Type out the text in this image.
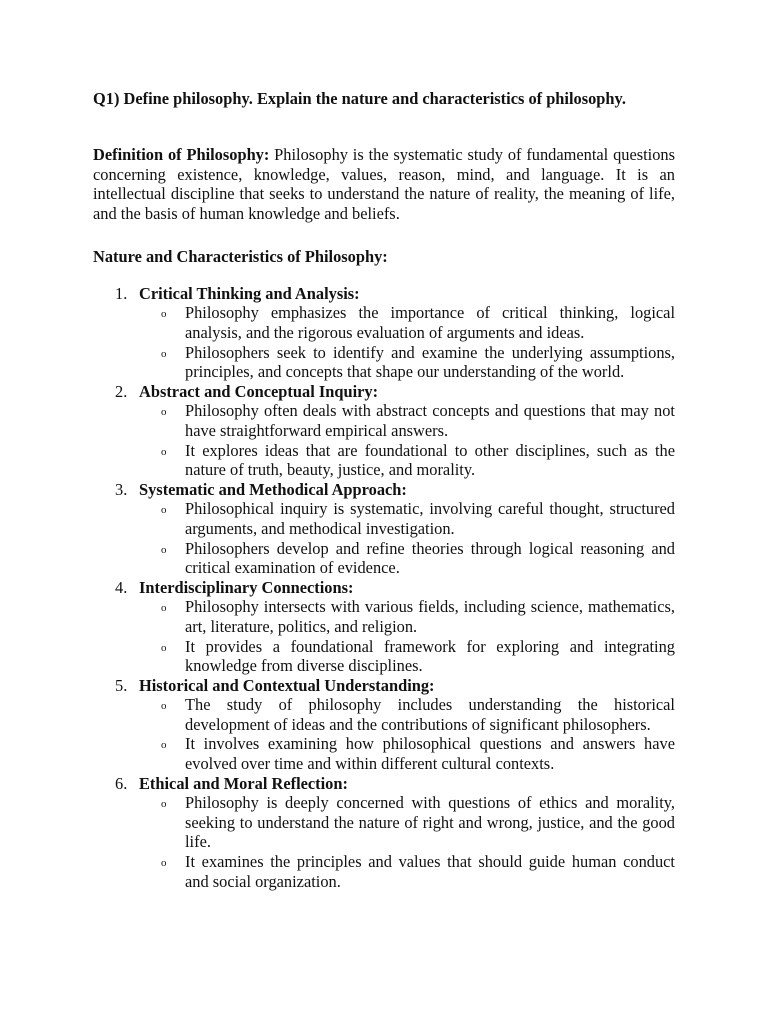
Q1) Define philosophy. Explain the nature and characteristics of philosophy.

Definition of Philosophy: Philosophy is the systematic study of fundamental questions concerning existence, knowledge, values, reason, mind, and language. It is an intellectual discipline that seeks to understand the nature of reality, the meaning of life, and the basis of human knowledge and beliefs.

Nature and Characteristics of Philosophy:

1. Critical Thinking and Analysis:
o Philosophy emphasizes the importance of critical thinking, logical analysis, and the rigorous evaluation of arguments and ideas.
o Philosophers seek to identify and examine the underlying assumptions, principles, and concepts that shape our understanding of the world.
2. Abstract and Conceptual Inquiry:
o Philosophy often deals with abstract concepts and questions that may not have straightforward empirical answers.
o It explores ideas that are foundational to other disciplines, such as the nature of truth, beauty, justice, and morality.
3. Systematic and Methodical Approach:
o Philosophical inquiry is systematic, involving careful thought, structured arguments, and methodical investigation.
o Philosophers develop and refine theories through logical reasoning and critical examination of evidence.
4. Interdisciplinary Connections:
o Philosophy intersects with various fields, including science, mathematics, art, literature, politics, and religion.
o It provides a foundational framework for exploring and integrating knowledge from diverse disciplines.
5. Historical and Contextual Understanding:
o The study of philosophy includes understanding the historical development of ideas and the contributions of significant philosophers.
o It involves examining how philosophical questions and answers have evolved over time and within different cultural contexts.
6. Ethical and Moral Reflection:
o Philosophy is deeply concerned with questions of ethics and morality, seeking to understand the nature of right and wrong, justice, and the good life.
o It examines the principles and values that should guide human conduct and social organization.
